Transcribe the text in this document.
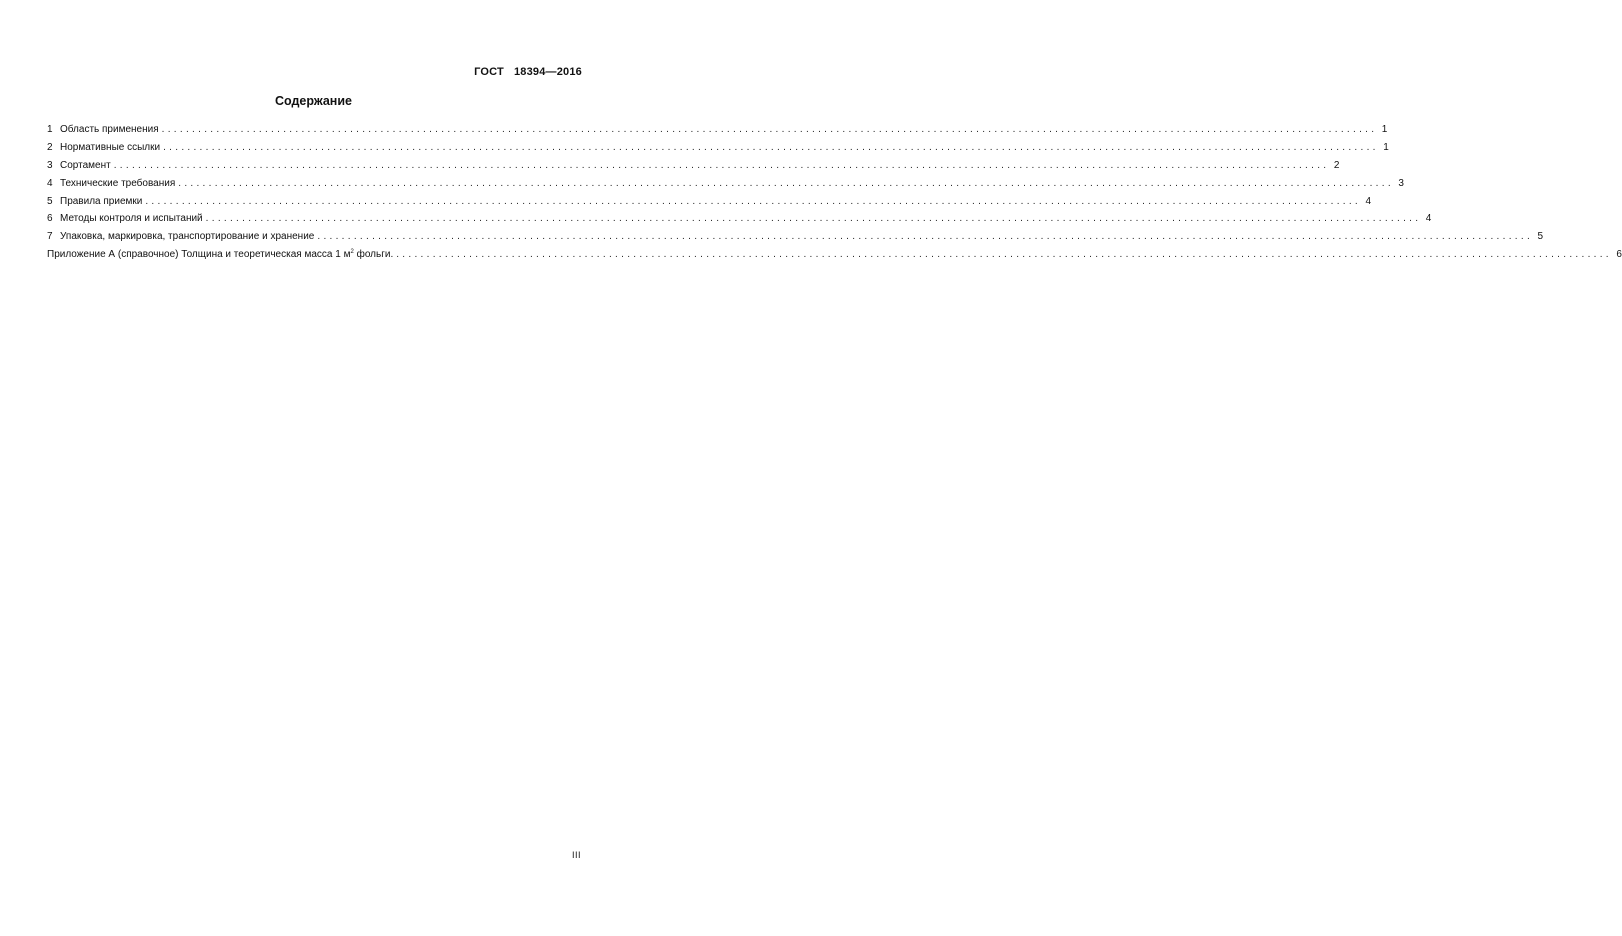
ГОСТ 18394—2016
Содержание
1 Область применения ........................................................................................................................................................................................................ 1
2 Нормативные ссылки ........................................................................................................................................................................................................ 1
3 Сортамент ........................................................................................................................................................................................................ 2
4 Технические требования ........................................................................................................................................................................................................ 3
5 Правила приемки ........................................................................................................................................................................................................ 4
6 Методы контроля и испытаний ........................................................................................................................................................................................................ 4
7 Упаковка, маркировка, транспортирование и хранение ........................................................................................................................................................................................................ 5
Приложение А (справочное) Толщина и теоретическая масса 1 $м^2$ фольги. ........................................................................................................................................................................................................ 6
III
